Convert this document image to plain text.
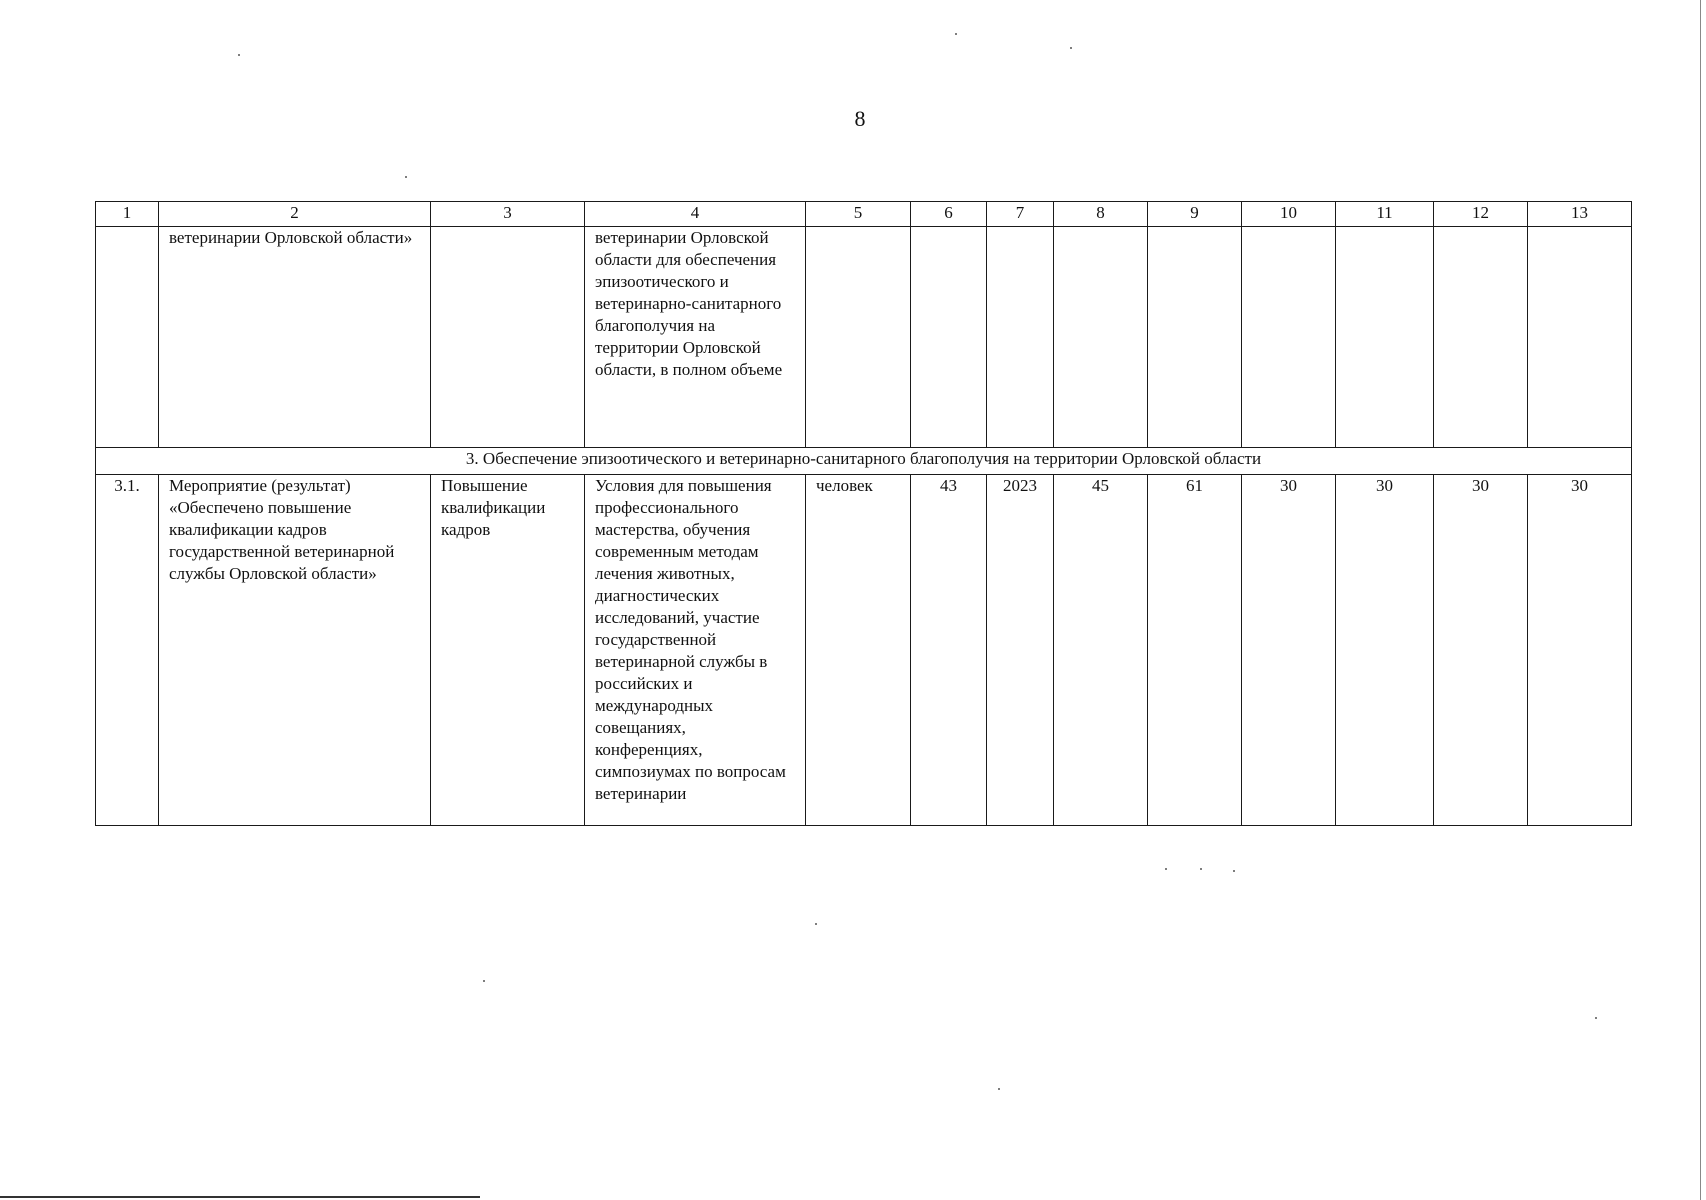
8
1	2	3	4	5	6	7	8	9	10	11	12	13
	ветеринарии Орловской области»		ветеринарии Орловской области для обеспечения эпизоотического и ветеринарно-санитарного благополучия на территории Орловской области, в полном объеме									
3. Обеспечение эпизоотического и ветеринарно-санитарного благополучия на территории Орловской области												
3.1.	Мероприятие (результат) «Обеспечено повышение квалификации кадров государственной ветеринарной службы Орловской области»	Повышение квалификации кадров	Условия для повышения профессионального мастерства, обучения современным методам лечения животных, диагностических исследований, участие государственной ветеринарной службы в российских и международных совещаниях, конференциях, симпозиумах по вопросам ветеринарии	человек	43	2023	45	61	30	30	30	30
